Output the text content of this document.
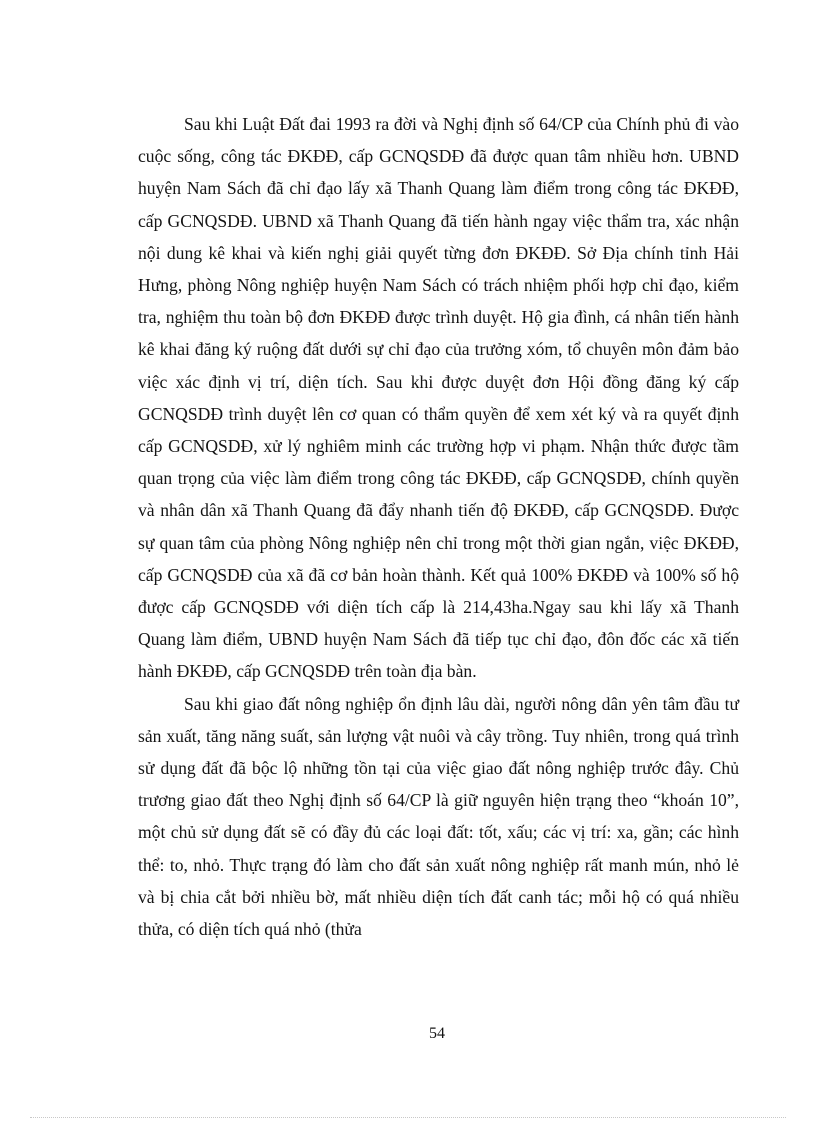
Sau khi Luật Đất đai 1993 ra đời và Nghị định số 64/CP của Chính phủ đi vào cuộc sống, công tác ĐKĐĐ, cấp GCNQSDĐ đã được quan tâm nhiều hơn. UBND huyện Nam Sách đã chỉ đạo lấy xã Thanh Quang làm điểm trong công tác ĐKĐĐ, cấp GCNQSDĐ. UBND xã Thanh Quang đã tiến hành ngay việc thẩm tra, xác nhận nội dung kê khai và kiến nghị giải quyết từng đơn ĐKĐĐ. Sở Địa chính tỉnh Hải Hưng, phòng Nông nghiệp huyện Nam Sách có trách nhiệm phối hợp chỉ đạo, kiểm tra, nghiệm thu toàn bộ đơn ĐKĐĐ được trình duyệt. Hộ gia đình, cá nhân tiến hành kê khai đăng ký ruộng đất dưới sự chỉ đạo của trưởng xóm, tổ chuyên môn đảm bảo việc xác định vị trí, diện tích. Sau khi được duyệt đơn Hội đồng đăng ký cấp GCNQSDĐ trình duyệt lên cơ quan có thẩm quyền để xem xét ký và ra quyết định cấp GCNQSDĐ, xử lý nghiêm minh các trường hợp vi phạm. Nhận thức được tầm quan trọng của việc làm điểm trong công tác ĐKĐĐ, cấp GCNQSDĐ, chính quyền và nhân dân xã Thanh Quang đã đẩy nhanh tiến độ ĐKĐĐ, cấp GCNQSDĐ. Được sự quan tâm của phòng Nông nghiệp nên chỉ trong một thời gian ngắn, việc ĐKĐĐ, cấp GCNQSDĐ của xã đã cơ bản hoàn thành. Kết quả 100% ĐKĐĐ và 100% số hộ được cấp GCNQSDĐ với diện tích cấp là 214,43ha.Ngay sau khi lấy xã Thanh Quang làm điểm, UBND huyện Nam Sách đã tiếp tục chỉ đạo, đôn đốc các xã tiến hành ĐKĐĐ, cấp GCNQSDĐ trên toàn địa bàn.

Sau khi giao đất nông nghiệp ổn định lâu dài, người nông dân yên tâm đầu tư sản xuất, tăng năng suất, sản lượng vật nuôi và cây trồng. Tuy nhiên, trong quá trình sử dụng đất đã bộc lộ những tồn tại của việc giao đất nông nghiệp trước đây. Chủ trương giao đất theo Nghị định số 64/CP là giữ nguyên hiện trạng theo “khoán 10”, một chủ sử dụng đất sẽ có đầy đủ các loại đất: tốt, xấu; các vị trí: xa, gần; các hình thể: to, nhỏ. Thực trạng đó làm cho đất sản xuất nông nghiệp rất manh mún, nhỏ lẻ và bị chia cắt bởi nhiều bờ, mất nhiều diện tích đất canh tác; mỗi hộ có quá nhiều thửa, có diện tích quá nhỏ (thửa

54
